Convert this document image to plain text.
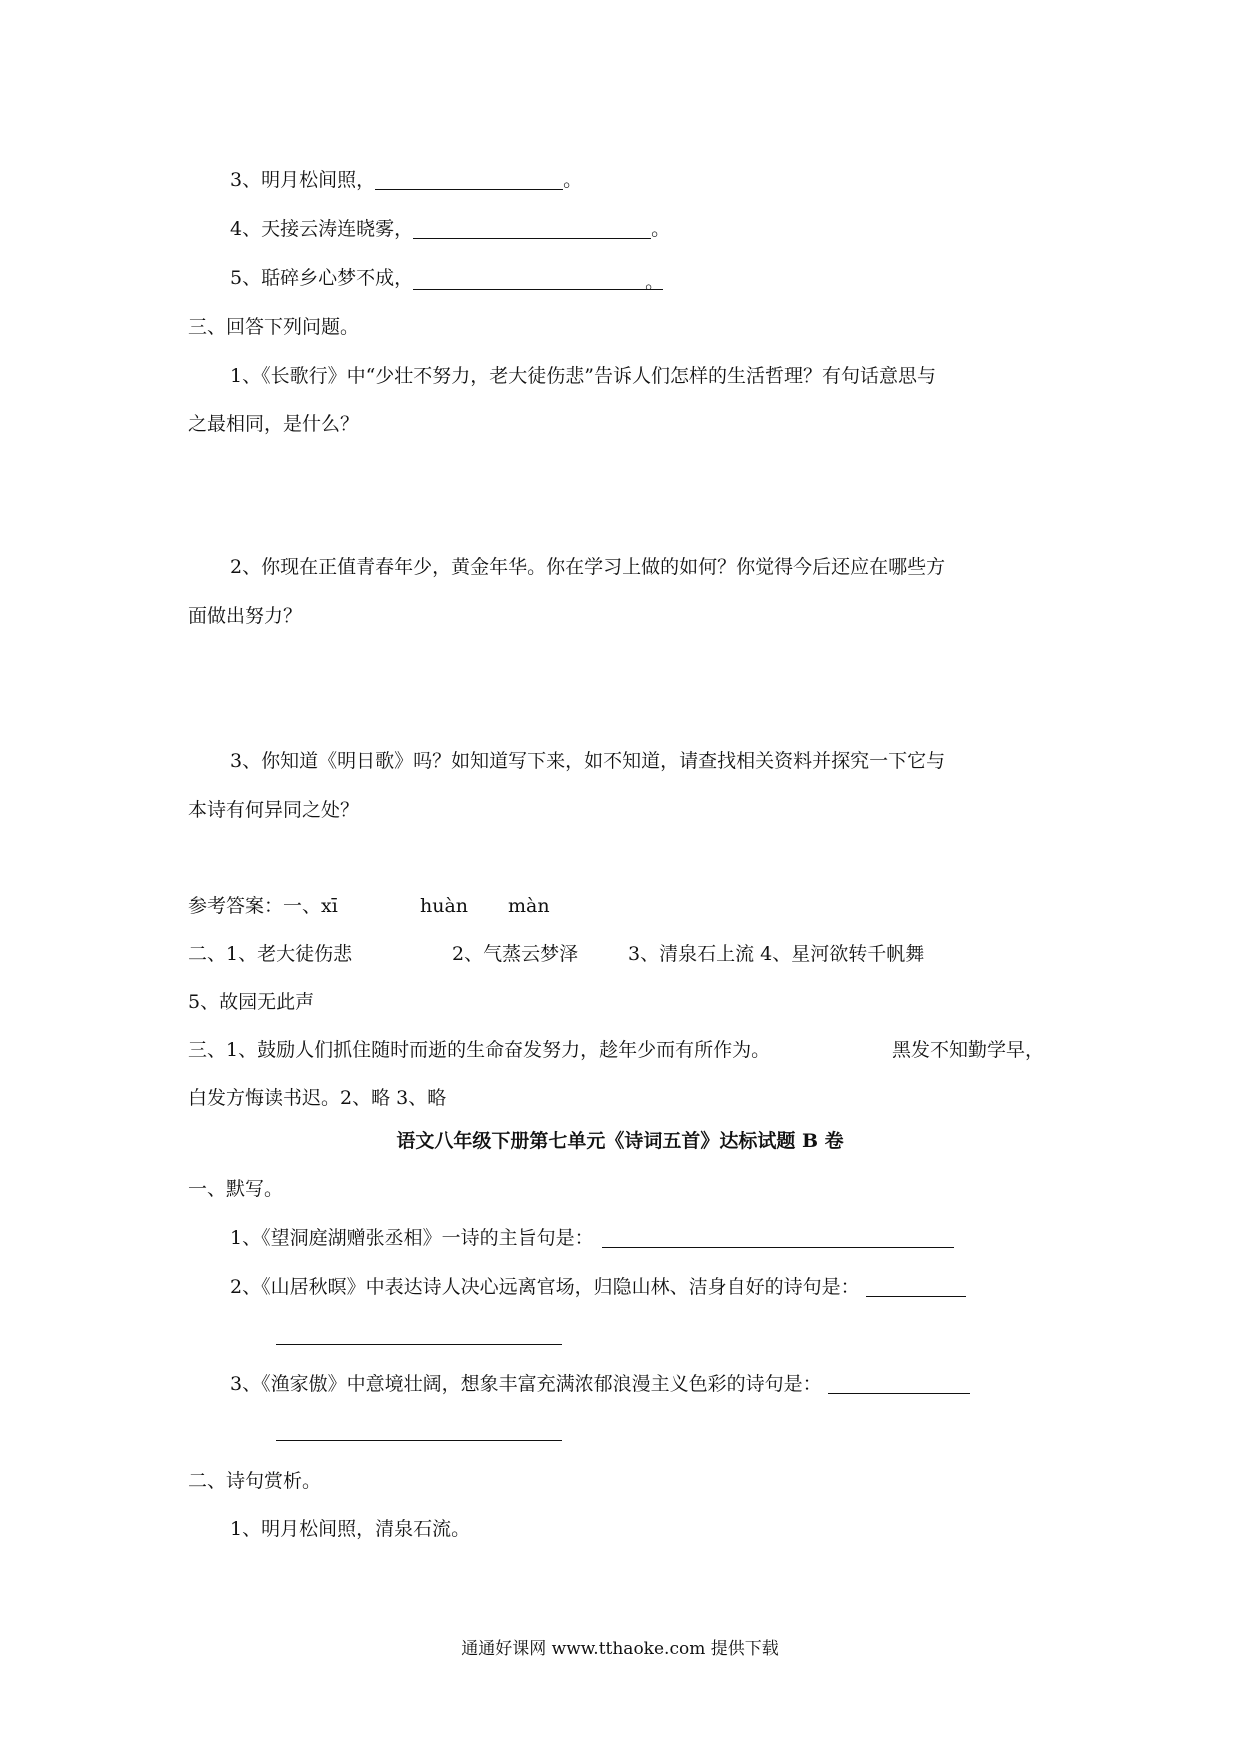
3、明月松间照，	。
4、天接云涛连晓雾，	。
5、聒碎乡心梦不成，	。
三、回答下列问题。
1、《长歌行》中“少壮不努力，老大徒伤悲”告诉人们怎样的生活哲理？有句话意思与
之最相同，是什么？
2、你现在正值青春年少，黄金年华。你在学习上做的如何？你觉得今后还应在哪些方
面做出努力？
3、你知道《明日歌》吗？如知道写下来，如不知道，请查找相关资料并探究一下它与
本诗有何异同之处？
参考答案：一、xī	huàn màn
二、1、老大徒伤悲	2、气蒸云梦泽	3、清泉石上流 4、星河欲转千帆舞
5、故园无此声
三、1、鼓励人们抓住随时而逝的生命奋发努力，趁年少而有所作为。	黑发不知勤学早，
白发方悔读书迟。2、略 3、略
语文八年级下册第七单元《诗词五首》达标试题 B 卷
一、默写。
1、《望洞庭湖赠张丞相》一诗的主旨句是：
2、《山居秋暝》中表达诗人决心远离官场，归隐山林、洁身自好的诗句是：
3、《渔家傲》中意境壮阔，想象丰富充满浓郁浪漫主义色彩的诗句是：
二、诗句赏析。
1、明月松间照，清泉石流。
通通好课网 www.tthaoke.com 提供下载
